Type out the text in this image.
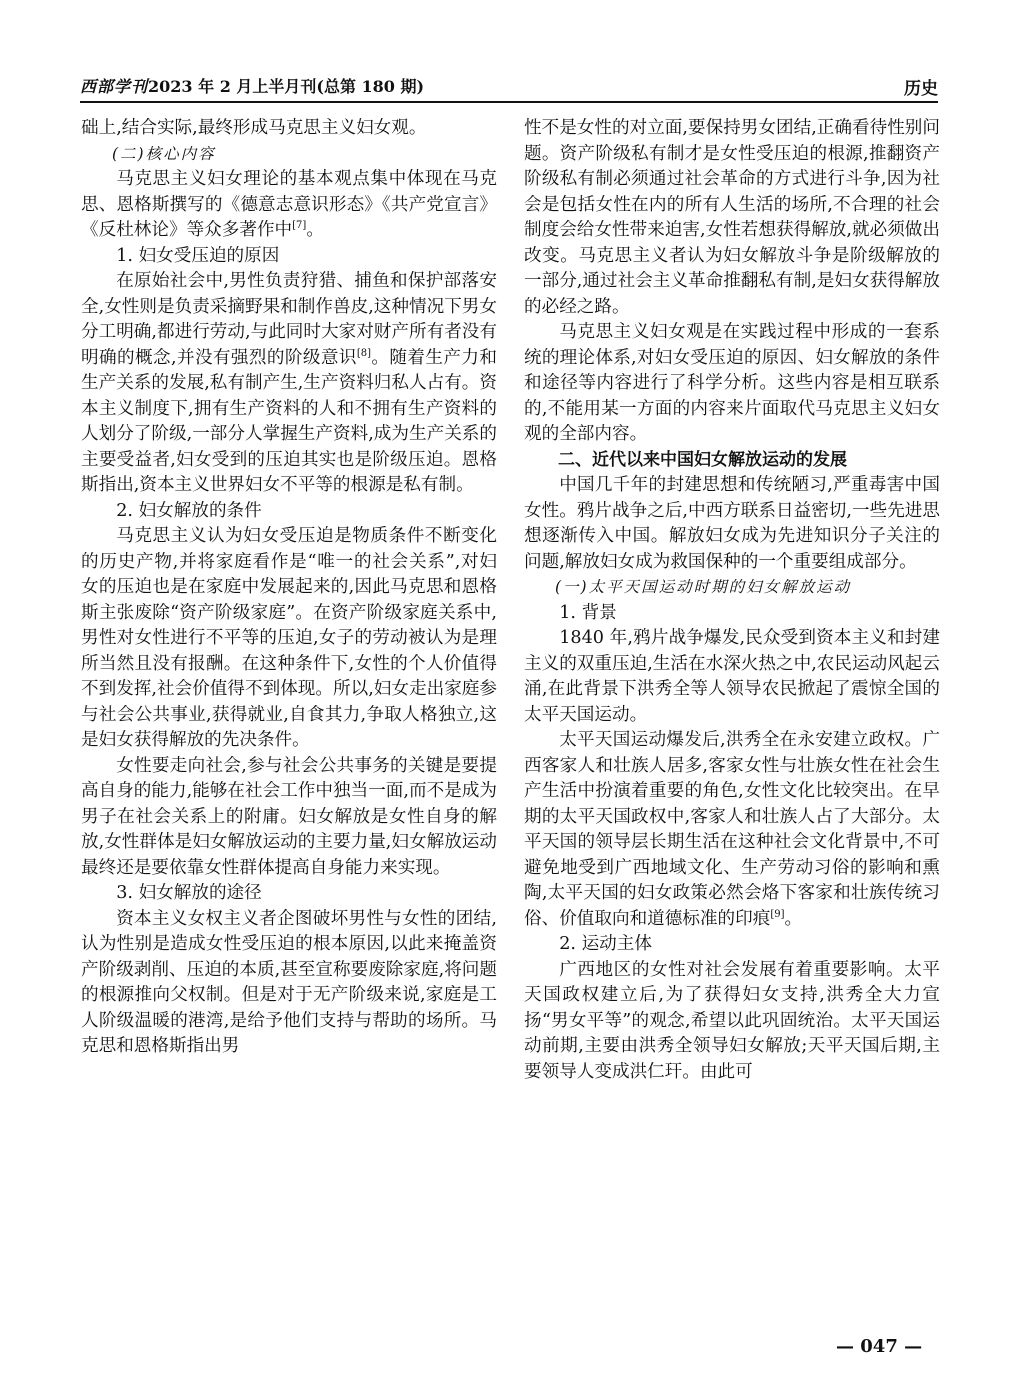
西部学刊2023 年 2 月上半月刊(总第 180 期)	历史

础上,结合实际,最终形成马克思主义妇女观。

(二)核心内容

马克思主义妇女理论的基本观点集中体现在马克思、恩格斯撰写的《德意志意识形态》《共产党宣言》《反杜林论》等众多著作中[7]。

1. 妇女受压迫的原因

在原始社会中,男性负责狩猎、捕鱼和保护部落安全,女性则是负责采摘野果和制作兽皮,这种情况下男女分工明确,都进行劳动,与此同时大家对财产所有者没有明确的概念,并没有强烈的阶级意识[8]。随着生产力和生产关系的发展,私有制产生,生产资料归私人占有。资本主义制度下,拥有生产资料的人和不拥有生产资料的人划分了阶级,一部分人掌握生产资料,成为生产关系的主要受益者,妇女受到的压迫其实也是阶级压迫。恩格斯指出,资本主义世界妇女不平等的根源是私有制。

2. 妇女解放的条件

马克思主义认为妇女受压迫是物质条件不断变化的历史产物,并将家庭看作是“唯一的社会关系”,对妇女的压迫也是在家庭中发展起来的,因此马克思和恩格斯主张废除“资产阶级家庭”。在资产阶级家庭关系中,男性对女性进行不平等的压迫,女子的劳动被认为是理所当然且没有报酬。在这种条件下,女性的个人价值得不到发挥,社会价值得不到体现。所以,妇女走出家庭参与社会公共事业,获得就业,自食其力,争取人格独立,这是妇女获得解放的先决条件。

女性要走向社会,参与社会公共事务的关键是要提高自身的能力,能够在社会工作中独当一面,而不是成为男子在社会关系上的附庸。妇女解放是女性自身的解放,女性群体是妇女解放运动的主要力量,妇女解放运动最终还是要依靠女性群体提高自身能力来实现。

3. 妇女解放的途径

资本主义女权主义者企图破坏男性与女性的团结,认为性别是造成女性受压迫的根本原因,以此来掩盖资产阶级剥削、压迫的本质,甚至宣称要废除家庭,将问题的根源推向父权制。但是对于无产阶级来说,家庭是工人阶级温暖的港湾,是给予他们支持与帮助的场所。马克思和恩格斯指出男

性不是女性的对立面,要保持男女团结,正确看待性别问题。资产阶级私有制才是女性受压迫的根源,推翻资产阶级私有制必须通过社会革命的方式进行斗争,因为社会是包括女性在内的所有人生活的场所,不合理的社会制度会给女性带来迫害,女性若想获得解放,就必须做出改变。马克思主义者认为妇女解放斗争是阶级解放的一部分,通过社会主义革命推翻私有制,是妇女获得解放的必经之路。

马克思主义妇女观是在实践过程中形成的一套系统的理论体系,对妇女受压迫的原因、妇女解放的条件和途径等内容进行了科学分析。这些内容是相互联系的,不能用某一方面的内容来片面取代马克思主义妇女观的全部内容。

二、近代以来中国妇女解放运动的发展

中国几千年的封建思想和传统陋习,严重毒害中国女性。鸦片战争之后,中西方联系日益密切,一些先进思想逐渐传入中国。解放妇女成为先进知识分子关注的问题,解放妇女成为救国保种的一个重要组成部分。

(一)太平天国运动时期的妇女解放运动
1. 背景

1840 年,鸦片战争爆发,民众受到资本主义和封建主义的双重压迫,生活在水深火热之中,农民运动风起云涌,在此背景下洪秀全等人领导农民掀起了震惊全国的太平天国运动。

太平天国运动爆发后,洪秀全在永安建立政权。广西客家人和壮族人居多,客家女性与壮族女性在社会生产生活中扮演着重要的角色,女性文化比较突出。在早期的太平天国政权中,客家人和壮族人占了大部分。太平天国的领导层长期生活在这种社会文化背景中,不可避免地受到广西地域文化、生产劳动习俗的影响和熏陶,太平天国的妇女政策必然会烙下客家和壮族传统习俗、价值取向和道德标准的印痕[9]。

2. 运动主体

广西地区的女性对社会发展有着重要影响。太平天国政权建立后,为了获得妇女支持,洪秀全大力宣扬“男女平等”的观念,希望以此巩固统治。太平天国运动前期,主要由洪秀全领导妇女解放;天平天国后期,主要领导人变成洪仁玕。由此可

— 047 —
